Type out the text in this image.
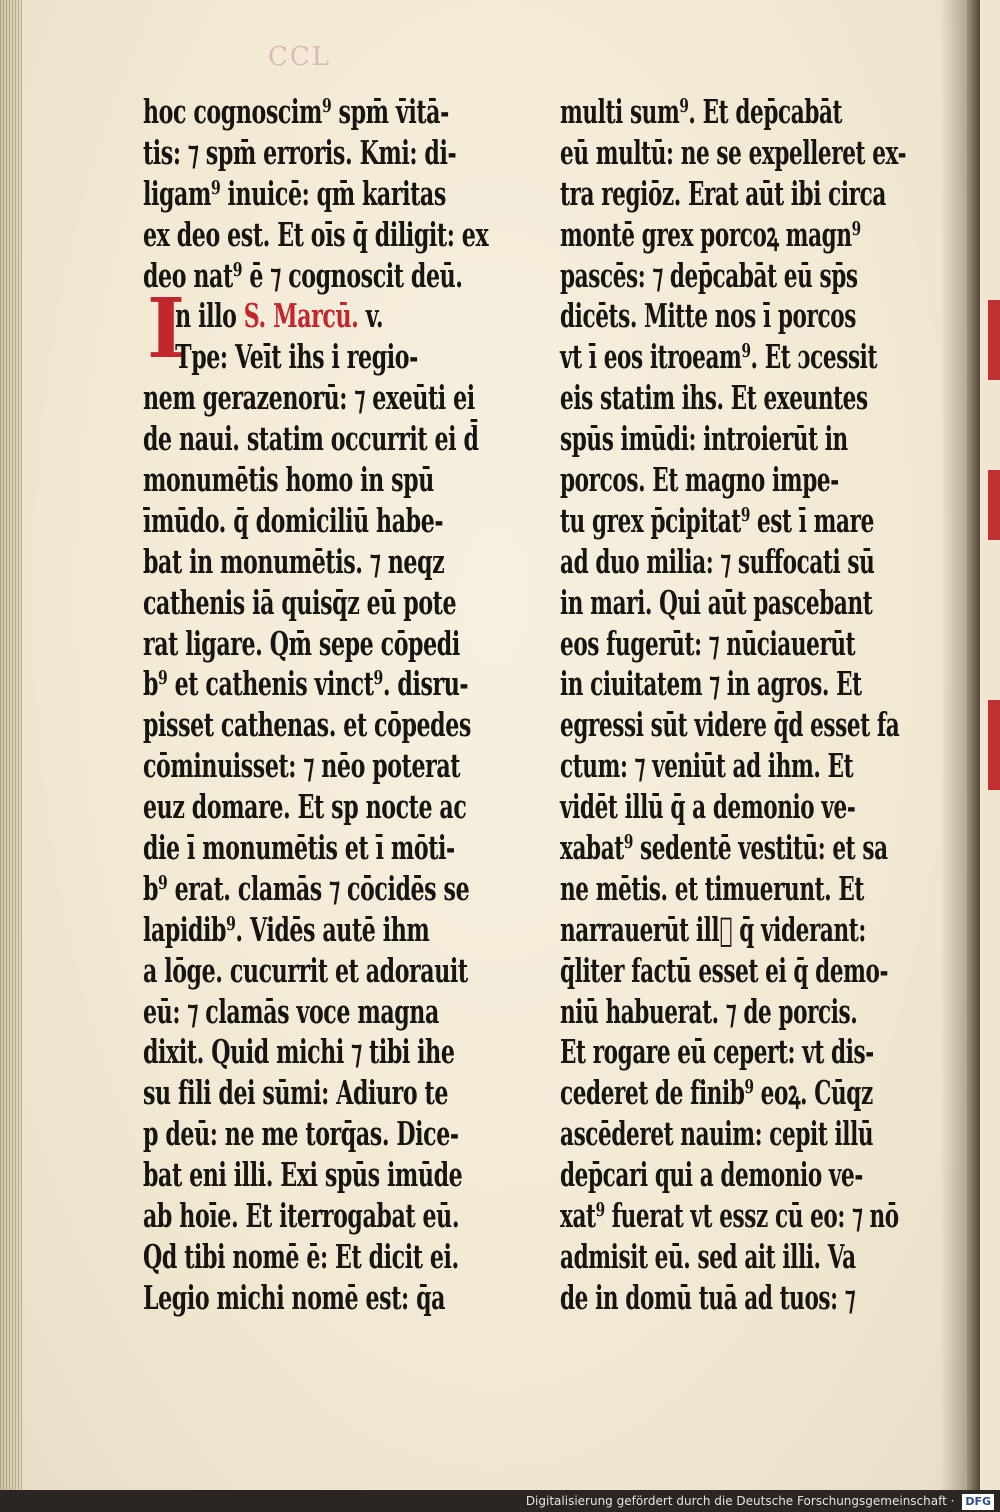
CCL
I
hoc cognoscim⁹ spm̄ v̄itā-
tis: ⁊ spm̄ erroris. Kmi: di-
ligam⁹ inuicē: qm̄ karitas
ex deo est. Et oīs q̄ diligit: ex
deo nat⁹ ē ⁊ cognoscit deū.
n illo S. Marcū. v.
Tpe: Veīt ihs i regio-
nem gerazenorū: ⁊ exeūti ei
de naui. statim occurrit ei d̄
monumētis homo in spū
īmūdo. q̄ domiciliū habe-
bat in monumētis. ⁊ neqz
cathenis iā quisq̄z eū pote
rat ligare. Qm̄ sepe cōpedi
b⁹ et cathenis vinct⁹. disru-
pisset cathenas. et cōpedes
cōminuisset: ⁊ nēo poterat
euz domare. Et sp nocte ac
die ī monumētis et ī mōti-
b⁹ erat. clamās ⁊ cōcidēs se
lapidib⁹. Vidēs autē ihm
a lōge. cucurrit et adorauit
eū: ⁊ clamās voce magna
dixit. Quid michi ⁊ tibi ihe
su fili dei sūmi: Adiuro te
p deū: ne me torq̄as. Dice-
bat eni illi. Exi spūs imūde
ab hoīe. Et iterrogabat eū.
Qd tibi nomē ē: Et dicit ei.
Legio michi nomē est: q̄a
multi sum⁹. Et dep̄cabāt
eū multū: ne se expelleret ex-
tra regiōz. Erat aūt ibi circa
montē grex porcoꝝ magn⁹
pascēs: ⁊ dep̄cabāt eū sp̄s
dicēts. Mitte nos ī porcos
vt ī eos itroeam⁹. Et ɔcessit
eis statim ihs. Et exeuntes
spūs imūdi: introierūt in
porcos. Et magno impe-
tu grex p̄cipitat⁹ est ī mare
ad duo milia: ⁊ suffocati sū
in mari. Qui aūt pascebant
eos fugerūt: ⁊ nūciauerūt
in ciuitatem ⁊ in agros. Et
egressi sūt videre q̄d esset fa
ctum: ⁊ veniūt ad ihm. Et
vidēt illū q̄ a demonio ve-
xabat⁹ sedentē vestitū: et sa
ne mētis. et timuerunt. Et
narrauerūt ill᷑ q̄ viderant:
q̄liter factū esset ei q̄ demo-
niū habuerat. ⁊ de porcis.
Et rogare eū cepert: vt dis-
cederet de finib⁹ eoꝝ. Cūqz
ascēderet nauim: cepit illū
dep̄cari qui a demonio ve-
xat⁹ fuerat vt essz cū eo: ⁊ nō
admisit eū. sed ait illi. Va
de in domū tuā ad tuos: ⁊
Digitalisierung gefördert durch die Deutsche Forschungsgemeinschaft · DFG
